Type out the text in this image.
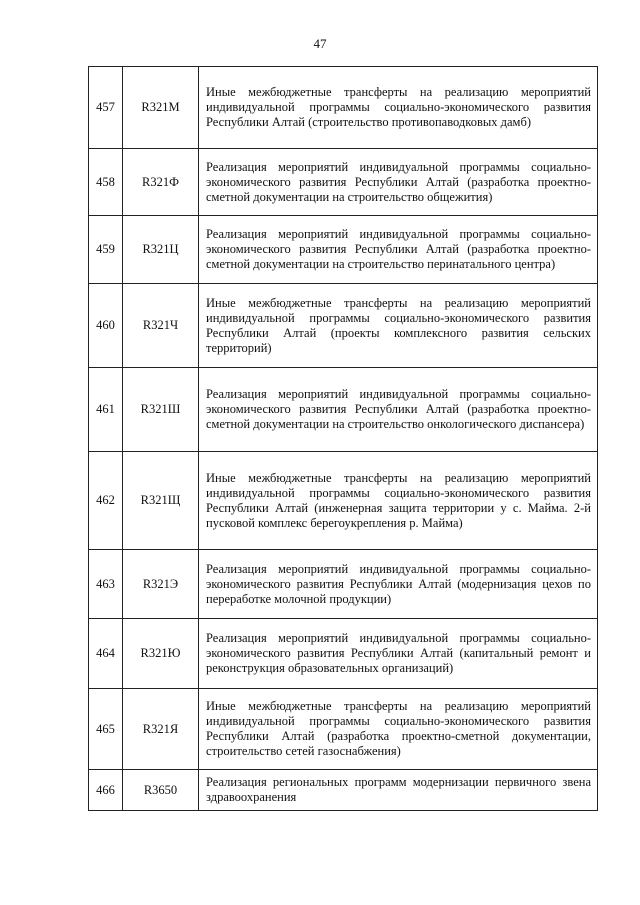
47
457	R321М	Иные межбюджетные трансферты на реализацию мероприятий индивидуальной программы социально-экономического развития Республики Алтай (строительство противопаводковых дамб)

458	R321Ф	Реализация мероприятий индивидуальной программы социально-экономического развития Республики Алтай (разработка проектно-сметной документации на строительство общежития)

459	R321Ц	Реализация мероприятий индивидуальной программы социально-экономического развития Республики Алтай (разработка проектно-сметной документации на строительство перинатального центра)

460	R321Ч	Иные межбюджетные трансферты на реализацию мероприятий индивидуальной программы социально-экономического развития Республики Алтай (проекты комплексного развития сельских территорий)

461	R321Ш	Реализация мероприятий индивидуальной программы социально-экономического развития Республики Алтай (разработка проектно-сметной документации на строительство онкологического диспансера)

462	R321Щ	Иные межбюджетные трансферты на реализацию мероприятий индивидуальной программы социально-экономического развития Республики Алтай (инженерная защита территории у с. Майма. 2-й пусковой комплекс берегоукрепления р. Майма)

463	R321Э	Реализация мероприятий индивидуальной программы социально-экономического развития Республики Алтай (модернизация цехов по переработке молочной продукции)

464	R321Ю	Реализация мероприятий индивидуальной программы социально-экономического развития Республики Алтай (капитальный ремонт и реконструкция образовательных организаций)

465	R321Я	Иные межбюджетные трансферты на реализацию мероприятий индивидуальной программы социально-экономического развития Республики Алтай (разработка проектно-сметной документации, строительство сетей газоснабжения)

466	R3650	Реализация региональных программ модернизации первичного звена здравоохранения
